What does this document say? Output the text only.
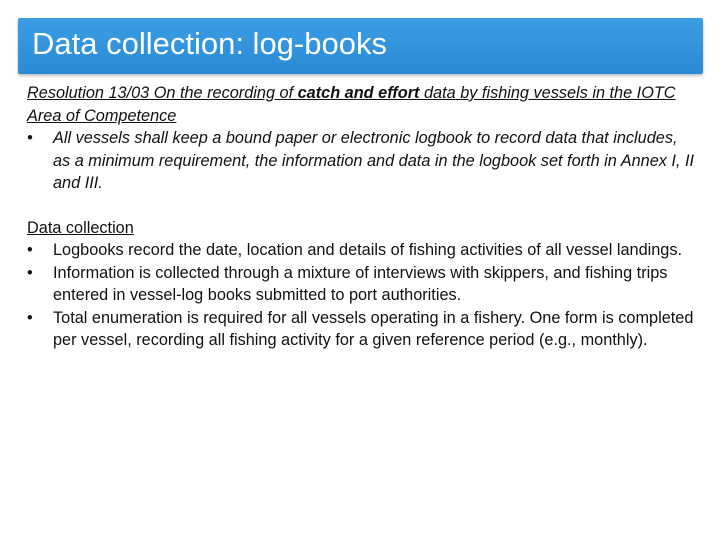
Data collection: log-books
Resolution 13/03 On the recording of catch and effort data by fishing vessels in the IOTC Area of Competence
•	All vessels shall keep a bound paper or electronic logbook to record data that includes, as a minimum requirement, the information and data in the logbook set forth in Annex I, II and III.
Data collection
•	Logbooks record the date, location and details of fishing activities of all vessel landings.
•	Information is collected through a mixture of interviews with skippers, and fishing trips entered in vessel-log books submitted to port authorities.
•	Total enumeration is required for all vessels operating in a fishery. One form is completed per vessel, recording all fishing activity for a given reference period (e.g., monthly).
